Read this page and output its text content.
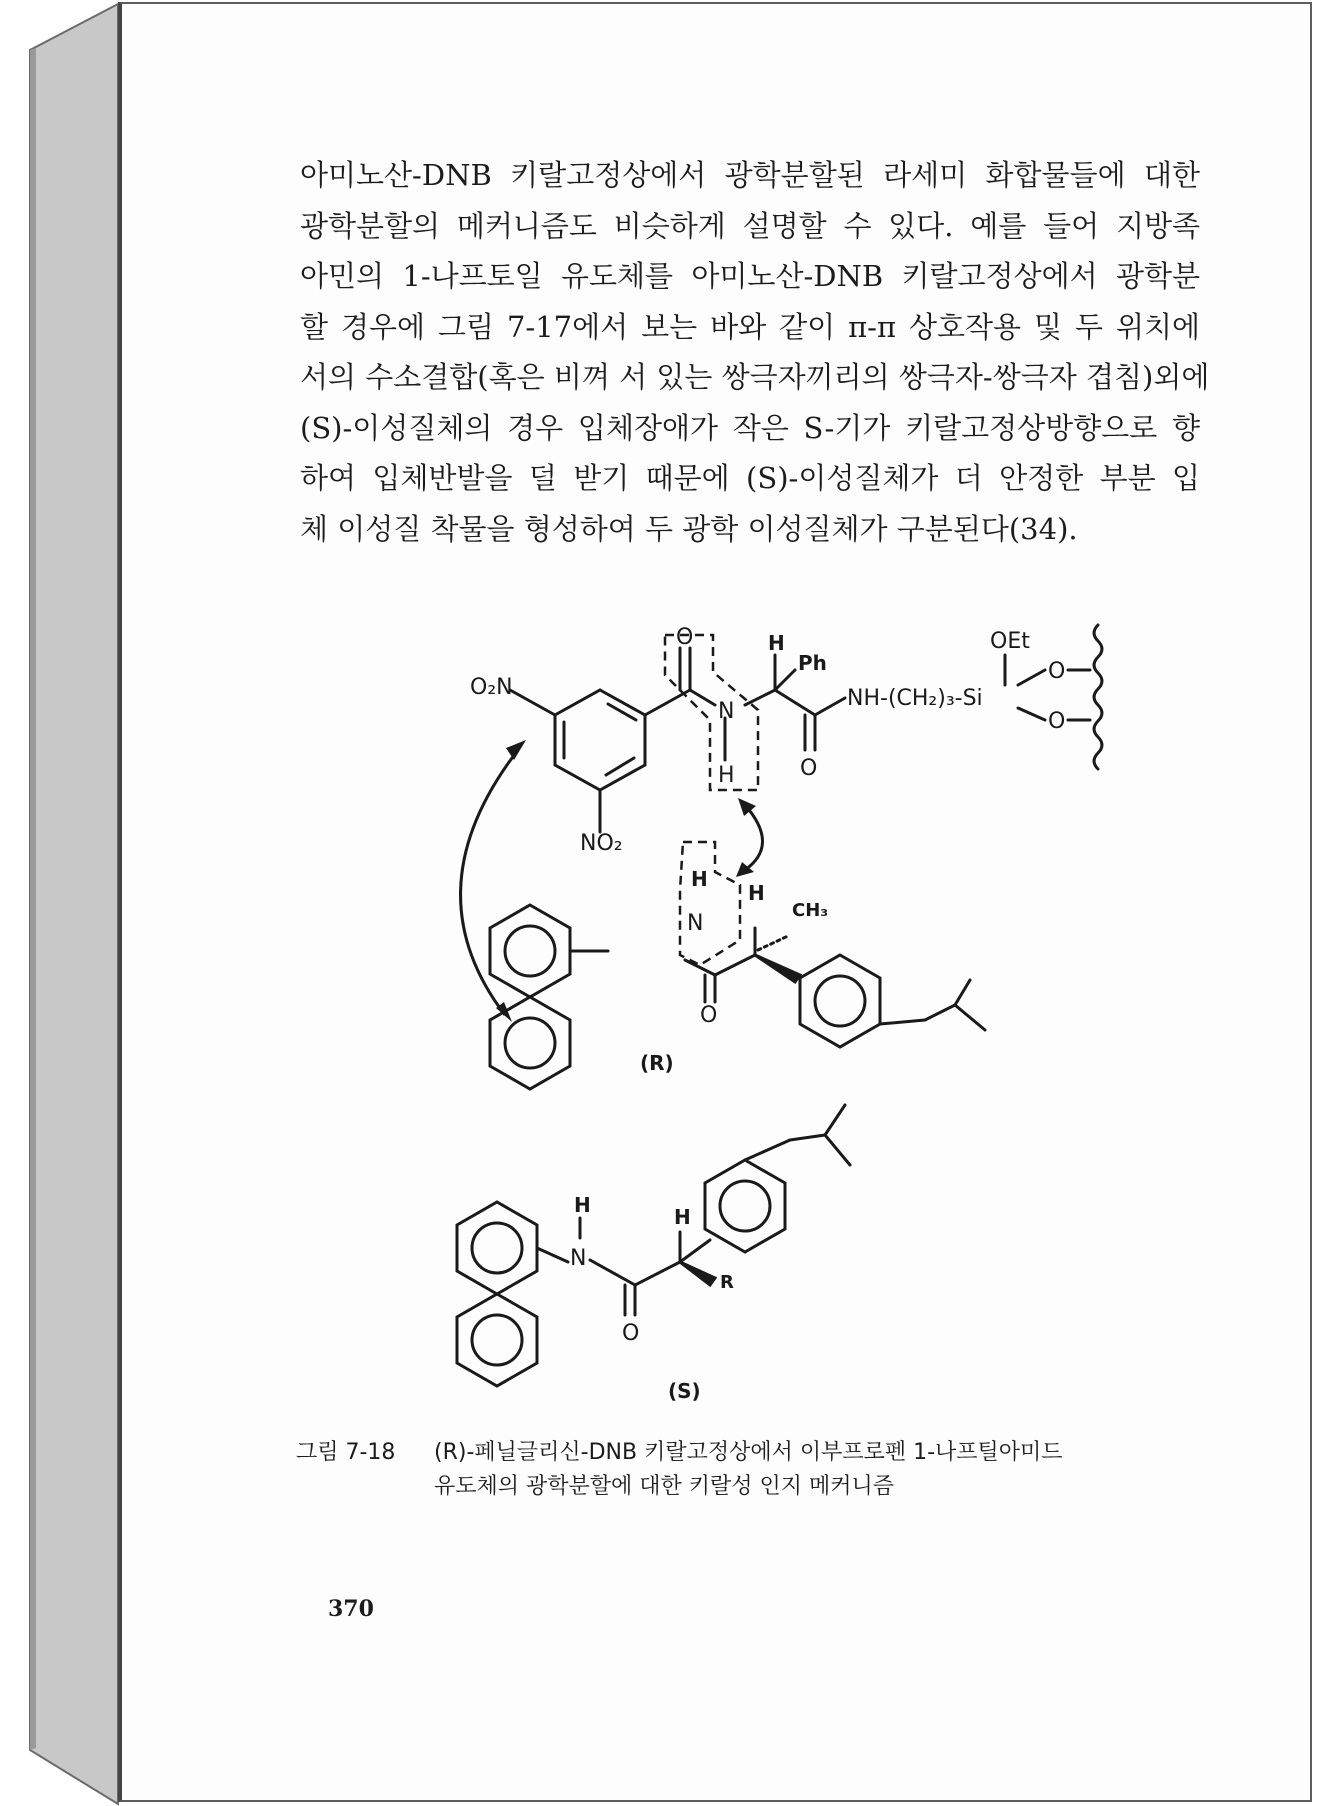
아미노산-DNB 키랄고정상에서 광학분할된 라세미 화합물들에 대한
광학분할의 메커니즘도 비슷하게 설명할 수 있다. 예를 들어 지방족
아민의 1-나프토일 유도체를 아미노산-DNB 키랄고정상에서 광학분
할 경우에 그림 7-17에서 보는 바와 같이 π-π 상호작용 및 두 위치에
서의 수소결합(혹은 비껴 서 있는 쌍극자끼리의 쌍극자-쌍극자 겹침)외에
(S)-이성질체의 경우 입체장애가 작은 S-기가 키랄고정상방향으로 향
하여 입체반발을 덜 받기 때문에 (S)-이성질체가 더 안정한 부분 입
체 이성질 착물을 형성하여 두 광학 이성질체가 구분된다(34).
O₂N
NO₂
O
N
H
H
Ph
O
NH-(CH₂)₃-Si
OEt
O
O
H
N
H
CH₃
O
(R)
H
N
H
R
O
(S)
그림 7-18	(R)-페닐글리신-DNB 키랄고정상에서 이부프로펜 1-나프틸아미드
유도체의 광학분할에 대한 키랄성 인지 메커니즘
370
